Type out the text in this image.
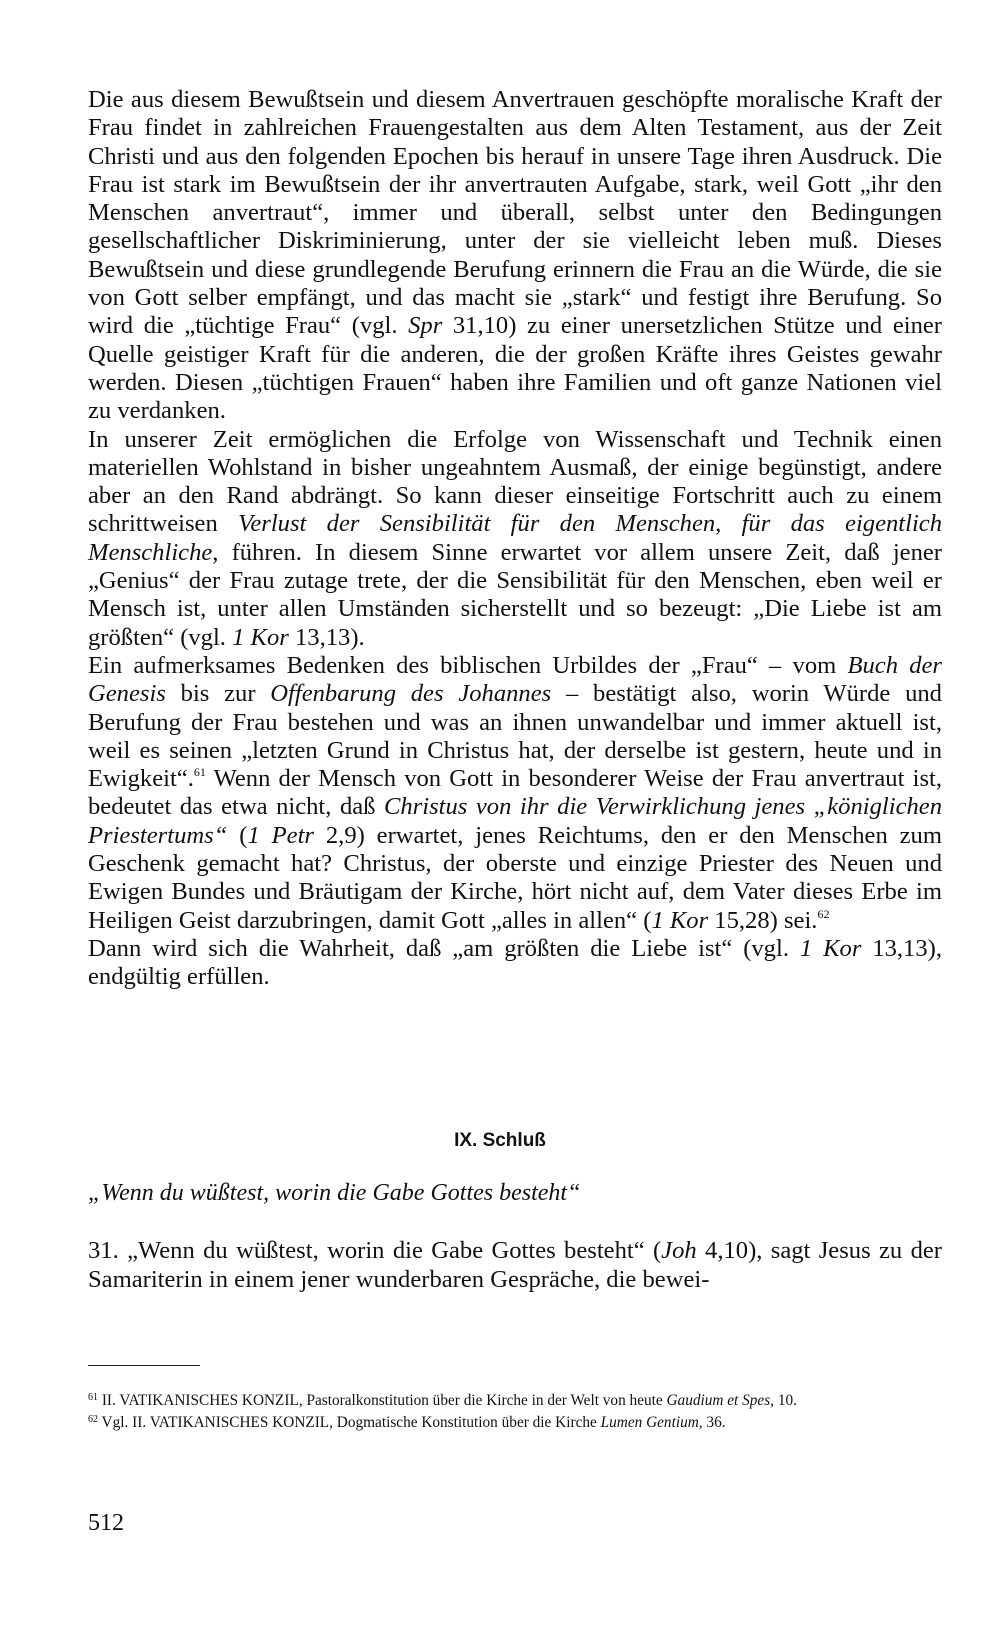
Die aus diesem Bewußtsein und diesem Anvertrauen geschöpfte moralische Kraft der Frau findet in zahlreichen Frauengestalten aus dem Alten Testament, aus der Zeit Christi und aus den folgenden Epochen bis herauf in unsere Tage ihren Ausdruck. Die Frau ist stark im Bewußtsein der ihr anvertrauten Aufgabe, stark, weil Gott „ihr den Menschen anvertraut“, immer und überall, selbst unter den Bedingungen gesellschaftlicher Diskriminierung, unter der sie vielleicht leben muß. Dieses Bewußtsein und diese grundlegende Berufung erinnern die Frau an die Würde, die sie von Gott selber empfängt, und das macht sie „stark“ und festigt ihre Berufung. So wird die „tüchtige Frau“ (vgl. Spr 31,10) zu einer unersetzlichen Stütze und einer Quelle geistiger Kraft für die anderen, die der großen Kräfte ihres Geistes gewahr werden. Diesen „tüchtigen Frauen“ haben ihre Familien und oft ganze Nationen viel zu verdanken.

In unserer Zeit ermöglichen die Erfolge von Wissenschaft und Technik einen materiellen Wohlstand in bisher ungeahntem Ausmaß, der einige begünstigt, andere aber an den Rand abdrängt. So kann dieser einseitige Fortschritt auch zu einem schrittweisen Verlust der Sensibilität für den Menschen, für das eigentlich Menschliche, führen. In diesem Sinne erwartet vor allem unsere Zeit, daß jener „Genius“ der Frau zutage trete, der die Sensibilität für den Menschen, eben weil er Mensch ist, unter allen Umständen sicherstellt und so bezeugt: „Die Liebe ist am größten“ (vgl. 1 Kor 13,13).

Ein aufmerksames Bedenken des biblischen Urbildes der „Frau“ – vom Buch der Genesis bis zur Offenbarung des Johannes – bestätigt also, worin Würde und Berufung der Frau bestehen und was an ihnen unwandelbar und immer aktuell ist, weil es seinen „letzten Grund in Christus hat, der derselbe ist gestern, heute und in Ewigkeit“.$^{61}$ Wenn der Mensch von Gott in besonderer Weise der Frau anvertraut ist, bedeutet das etwa nicht, daß Christus von ihr die Verwirklichung jenes „königlichen Priestertums“ (1 Petr 2,9) erwartet, jenes Reichtums, den er den Menschen zum Geschenk gemacht hat? Christus, der oberste und einzige Priester des Neuen und Ewigen Bundes und Bräutigam der Kirche, hört nicht auf, dem Vater dieses Erbe im Heiligen Geist darzubringen, damit Gott „alles in allen“ (1 Kor 15,28) sei.$^{62}$

Dann wird sich die Wahrheit, daß „am größten die Liebe ist“ (vgl. 1 Kor 13,13), endgültig erfüllen.

IX. Schluß
„Wenn du wüßtest, worin die Gabe Gottes besteht“
31. „Wenn du wüßtest, worin die Gabe Gottes besteht“ (Joh 4,10), sagt Jesus zu der Samariterin in einem jener wunderbaren Gespräche, die bewei-

$^{61}$ II. VATIKANISCHES KONZIL, Pastoralkonstitution über die Kirche in der Welt von heute Gaudium et Spes, 10.

$^{62}$ Vgl. II. VATIKANISCHES KONZIL, Dogmatische Konstitution über die Kirche Lumen Gentium, 36.

512
